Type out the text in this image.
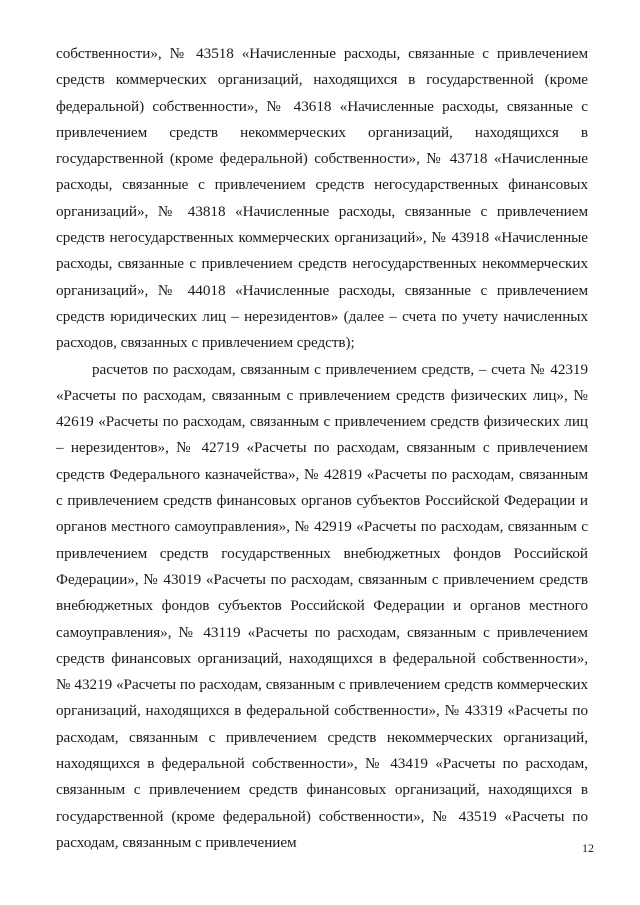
собственности», № 43518 «Начисленные расходы, связанные с привлечением средств коммерческих организаций, находящихся в государственной (кроме федеральной) собственности», № 43618 «Начисленные расходы, связанные с привлечением средств некоммерческих организаций, находящихся в государственной (кроме федеральной) собственности», № 43718 «Начисленные расходы, связанные с привлечением средств негосударственных финансовых организаций», № 43818 «Начисленные расходы, связанные с привлечением средств негосударственных коммерческих организаций», № 43918 «Начисленные расходы, связанные с привлечением средств негосударственных некоммерческих организаций», № 44018 «Начисленные расходы, связанные с привлечением средств юридических лиц – нерезидентов» (далее – счета по учету начисленных расходов, связанных с привлечением средств);

расчетов по расходам, связанным с привлечением средств, – счета № 42319 «Расчеты по расходам, связанным с привлечением средств физических лиц», № 42619 «Расчеты по расходам, связанным с привлечением средств физических лиц – нерезидентов», № 42719 «Расчеты по расходам, связанным с привлечением средств Федерального казначейства», № 42819 «Расчеты по расходам, связанным с привлечением средств финансовых органов субъектов Российской Федерации и органов местного самоуправления», № 42919 «Расчеты по расходам, связанным с привлечением средств государственных внебюджетных фондов Российской Федерации», № 43019 «Расчеты по расходам, связанным с привлечением средств внебюджетных фондов субъектов Российской Федерации и органов местного самоуправления», № 43119 «Расчеты по расходам, связанным с привлечением средств финансовых организаций, находящихся в федеральной собственности», № 43219 «Расчеты по расходам, связанным с привлечением средств коммерческих организаций, находящихся в федеральной собственности», № 43319 «Расчеты по расходам, связанным с привлечением средств некоммерческих организаций, находящихся в федеральной собственности», № 43419 «Расчеты по расходам, связанным с привлечением средств финансовых организаций, находящихся в государственной (кроме федеральной) собственности», № 43519 «Расчеты по расходам, связанным с привлечением	12
